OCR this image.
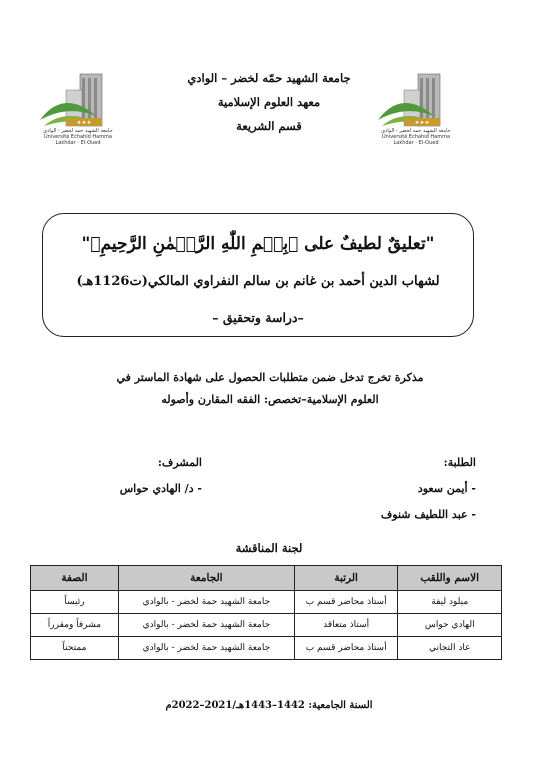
✦✦✦
جامعة الشهيد حمه لخضر - الوادي
Université Echahid Hamma Lakhdar - El-Oued
✦✦✦
جامعة الشهيد حمه لخضر - الوادي
Université Echahid Hamma Lakhdar - El-Oued
جامعة الشهيد حمّه لخضر – الوادي
معهد العلوم الإسلامية
قسم الشريعة
"تعليقٌ لطيفٌ على ﴿بِسۡمِ اللّٰهِ الرَّحۡمٰنِ الرَّحِيمِ﴾"
لشهاب الدين أحمد بن غانم بن سالم النفراوي المالكي(ت1126هـ)
–دراسة وتحقيق –
مذكرة تخرج تدخل ضمن متطلبات الحصول على شهادة الماستر في
العلوم الإسلامية–تخصص: الفقه المقارن وأصوله
الطلبة:
- أيمن سعود
- عبد اللطيف شنوف
المشرف:
- د/ الهادي حواس
لجنة المناقشة
الاسم واللقب	الرتبة	الجامعة	الصفة
ميلود ليفة	أستاذ محاضر قسم ب	جامعة الشهيد حمة لخضر - بالوادي	رئيساً
الهادي حواس	أستاذ متعاقد	جامعة الشهيد حمة لخضر - بالوادي	مشرفاً ومقرراً
عاد التجاني	أستاذ محاضر قسم ب	جامعة الشهيد حمة لخضر - بالوادي	ممتحناً
السنة الجامعية: 1442–1443هـ/2021–2022م
